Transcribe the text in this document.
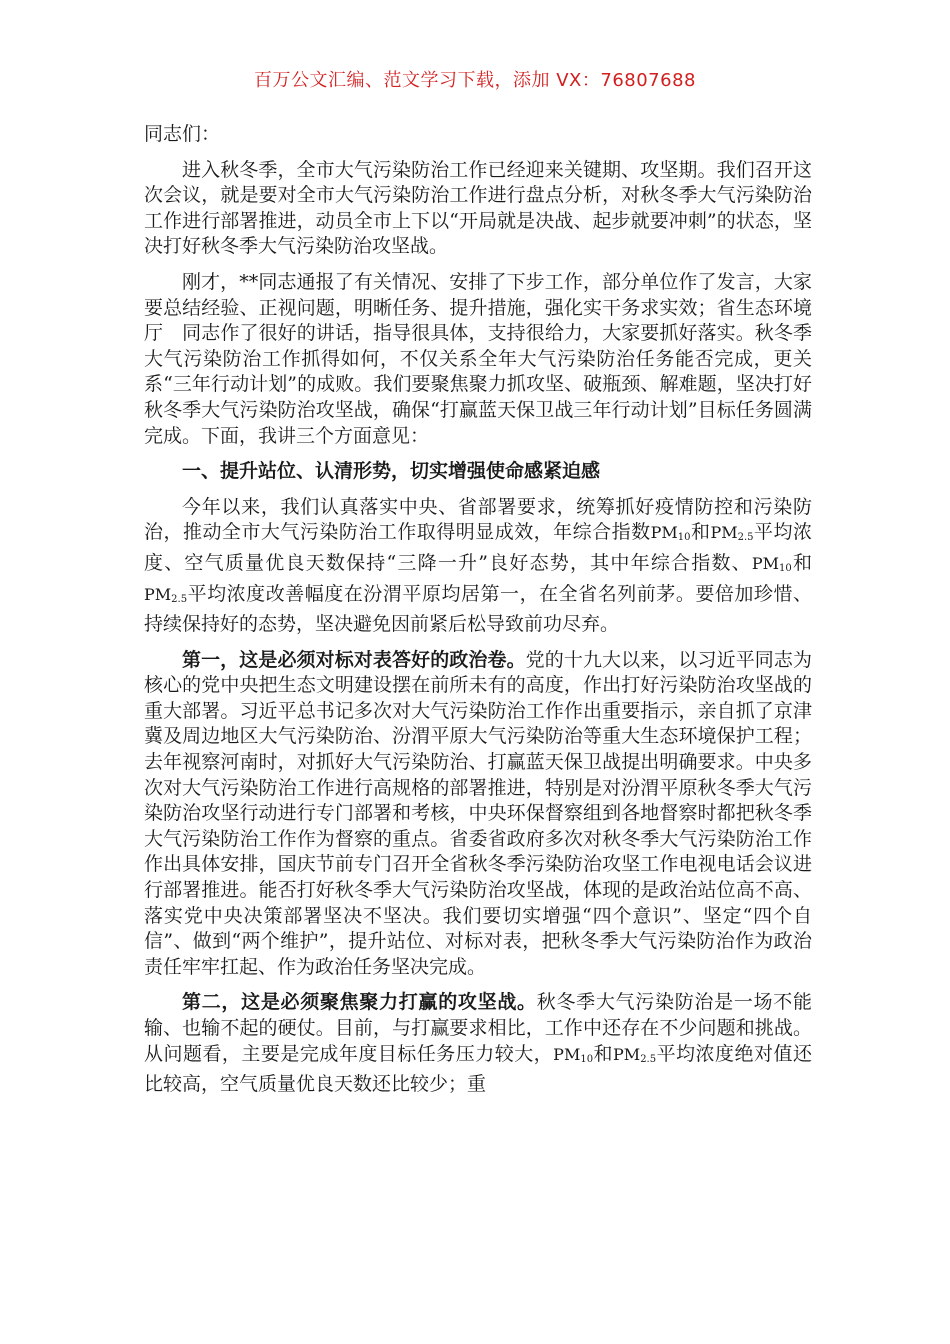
百万公文汇编、范文学习下载，添加 VX：76807688

同志们：

进入秋冬季，全市大气污染防治工作已经迎来关键期、攻坚期。我们召开这次会议，就是要对全市大气污染防治工作进行盘点分析，对秋冬季大气污染防治工作进行部署推进，动员全市上下以“开局就是决战、起步就要冲刺”的状态，坚决打好秋冬季大气污染防治攻坚战。

刚才，**同志通报了有关情况、安排了下步工作，部分单位作了发言，大家要总结经验、正视问题，明晰任务、提升措施，强化实干务求实效；省生态环境厅　同志作了很好的讲话，指导很具体，支持很给力，大家要抓好落实。秋冬季大气污染防治工作抓得如何，不仅关系全年大气污染防治任务能否完成，更关系“三年行动计划”的成败。我们要聚焦聚力抓攻坚、破瓶颈、解难题，坚决打好秋冬季大气污染防治攻坚战，确保“打赢蓝天保卫战三年行动计划”目标任务圆满完成。下面，我讲三个方面意见：

一、提升站位、认清形势，切实增强使命感紧迫感

今年以来，我们认真落实中央、省部署要求，统筹抓好疫情防控和污染防治，推动全市大气污染防治工作取得明显成效，年综合指数$PM_{10}$和$PM_{2.5}$平均浓度、空气质量优良天数保持“三降一升”良好态势，其中年综合指数、$PM_{10}$和$PM_{2.5}$平均浓度改善幅度在汾渭平原均居第一，在全省名列前茅。要倍加珍惜、持续保持好的态势，坚决避免因前紧后松导致前功尽弃。

第一，这是必须对标对表答好的政治卷。党的十九大以来，以习近平同志为核心的党中央把生态文明建设摆在前所未有的高度，作出打好污染防治攻坚战的重大部署。习近平总书记多次对大气污染防治工作作出重要指示，亲自抓了京津冀及周边地区大气污染防治、汾渭平原大气污染防治等重大生态环境保护工程；去年视察河南时，对抓好大气污染防治、打赢蓝天保卫战提出明确要求。中央多次对大气污染防治工作进行高规格的部署推进，特别是对汾渭平原秋冬季大气污染防治攻坚行动进行专门部署和考核，中央环保督察组到各地督察时都把秋冬季大气污染防治工作作为督察的重点。省委省政府多次对秋冬季大气污染防治工作作出具体安排，国庆节前专门召开全省秋冬季污染防治攻坚工作电视电话会议进行部署推进。能否打好秋冬季大气污染防治攻坚战，体现的是政治站位高不高、落实党中央决策部署坚决不坚决。我们要切实增强“四个意识”、坚定“四个自信”、做到“两个维护”，提升站位、对标对表，把秋冬季大气污染防治作为政治责任牢牢扛起、作为政治任务坚决完成。

第二，这是必须聚焦聚力打赢的攻坚战。秋冬季大气污染防治是一场不能输、也输不起的硬仗。目前，与打赢要求相比，工作中还存在不少问题和挑战。从问题看，主要是完成年度目标任务压力较大，$PM_{10}$和$PM_{2.5}$平均浓度绝对值还比较高，空气质量优良天数还比较少；重
